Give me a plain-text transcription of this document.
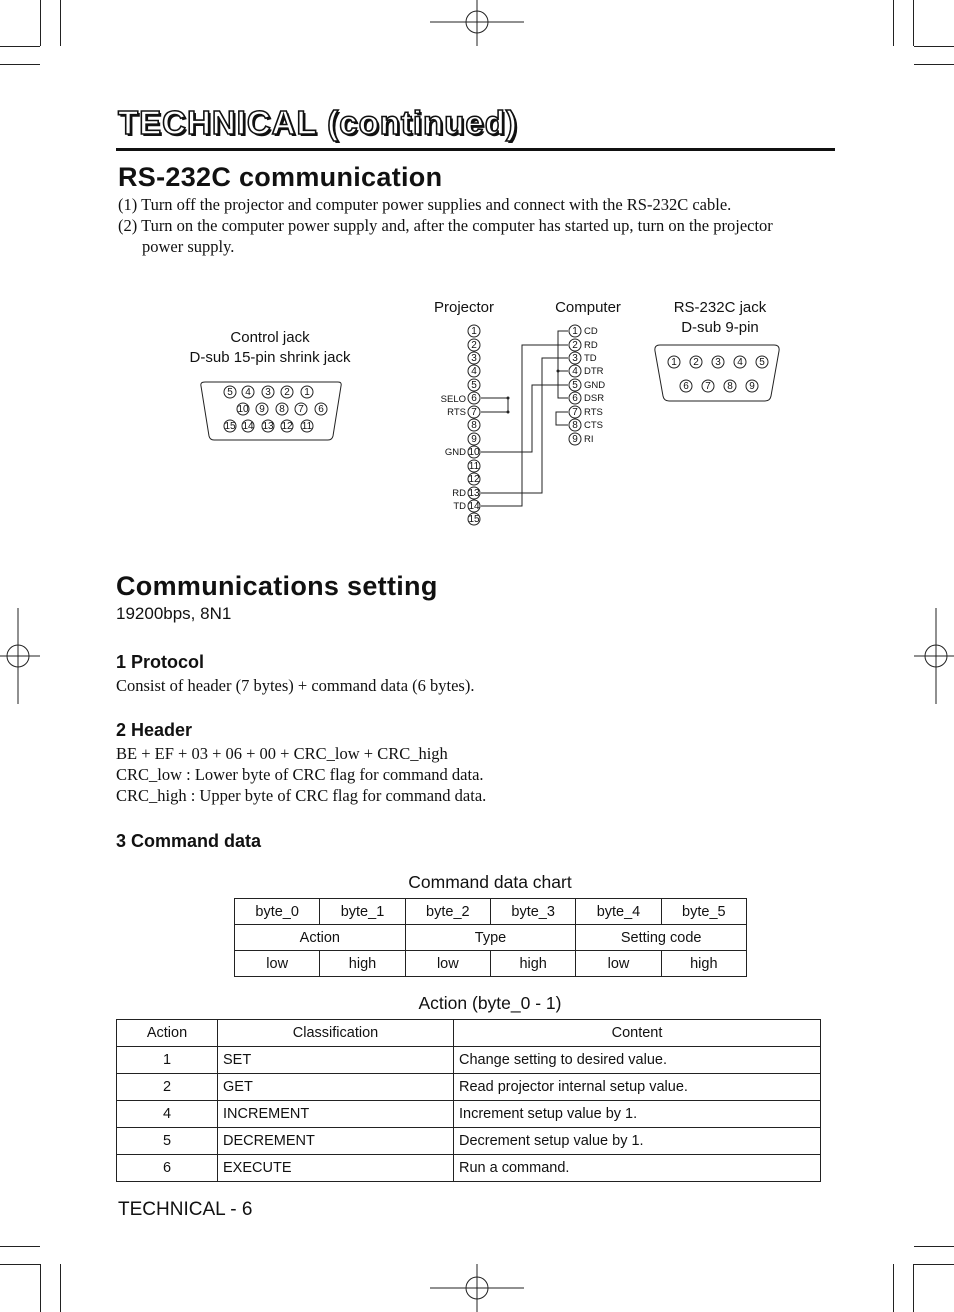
TECHNICAL (continued)
RS-232C communication
(1) Turn off the projector and computer power supplies and connect with the RS-232C cable.
(2) Turn on the computer power supply and, after the computer has started up, turn on the projector
power supply.
Control jack
D-sub 15-pin shrink jack
Projector	Computer	RS-232C jack
D-sub 9-pin
5 4 3 2 1
10 9 8 7 6
15 14 13 12 11
1 2 3 4 5
6 7 8 9
1
2
3
4
5
6
7
8
9
10
11
12
13
14
15
1
2
3
4
5
6
7
8
9
SELO
RTS
GND
RD
TD
CD
RD
TD
DTR
GND
DSR
RTS
CTS
RI
Communications setting
19200bps, 8N1
1 Protocol
Consist of header (7 bytes) + command data (6 bytes).
2 Header
BE + EF + 03 + 06 + 00 + CRC_low + CRC_high
CRC_low : Lower byte of CRC flag for command data.
CRC_high : Upper byte of CRC flag for command data.
3 Command data
Command data chart
byte_0	byte_1	byte_2	byte_3	byte_4	byte_5
Action		Type		Setting code	
low	high	low	high	low	high
Action (byte_0 - 1)
Action	Classification	Content
1	SET	Change setting to desired value.
2	GET	Read projector internal setup value.
4	INCREMENT	Increment setup value by 1.
5	DECREMENT	Decrement setup value by 1.
6	EXECUTE	Run a command.
TECHNICAL - 6
